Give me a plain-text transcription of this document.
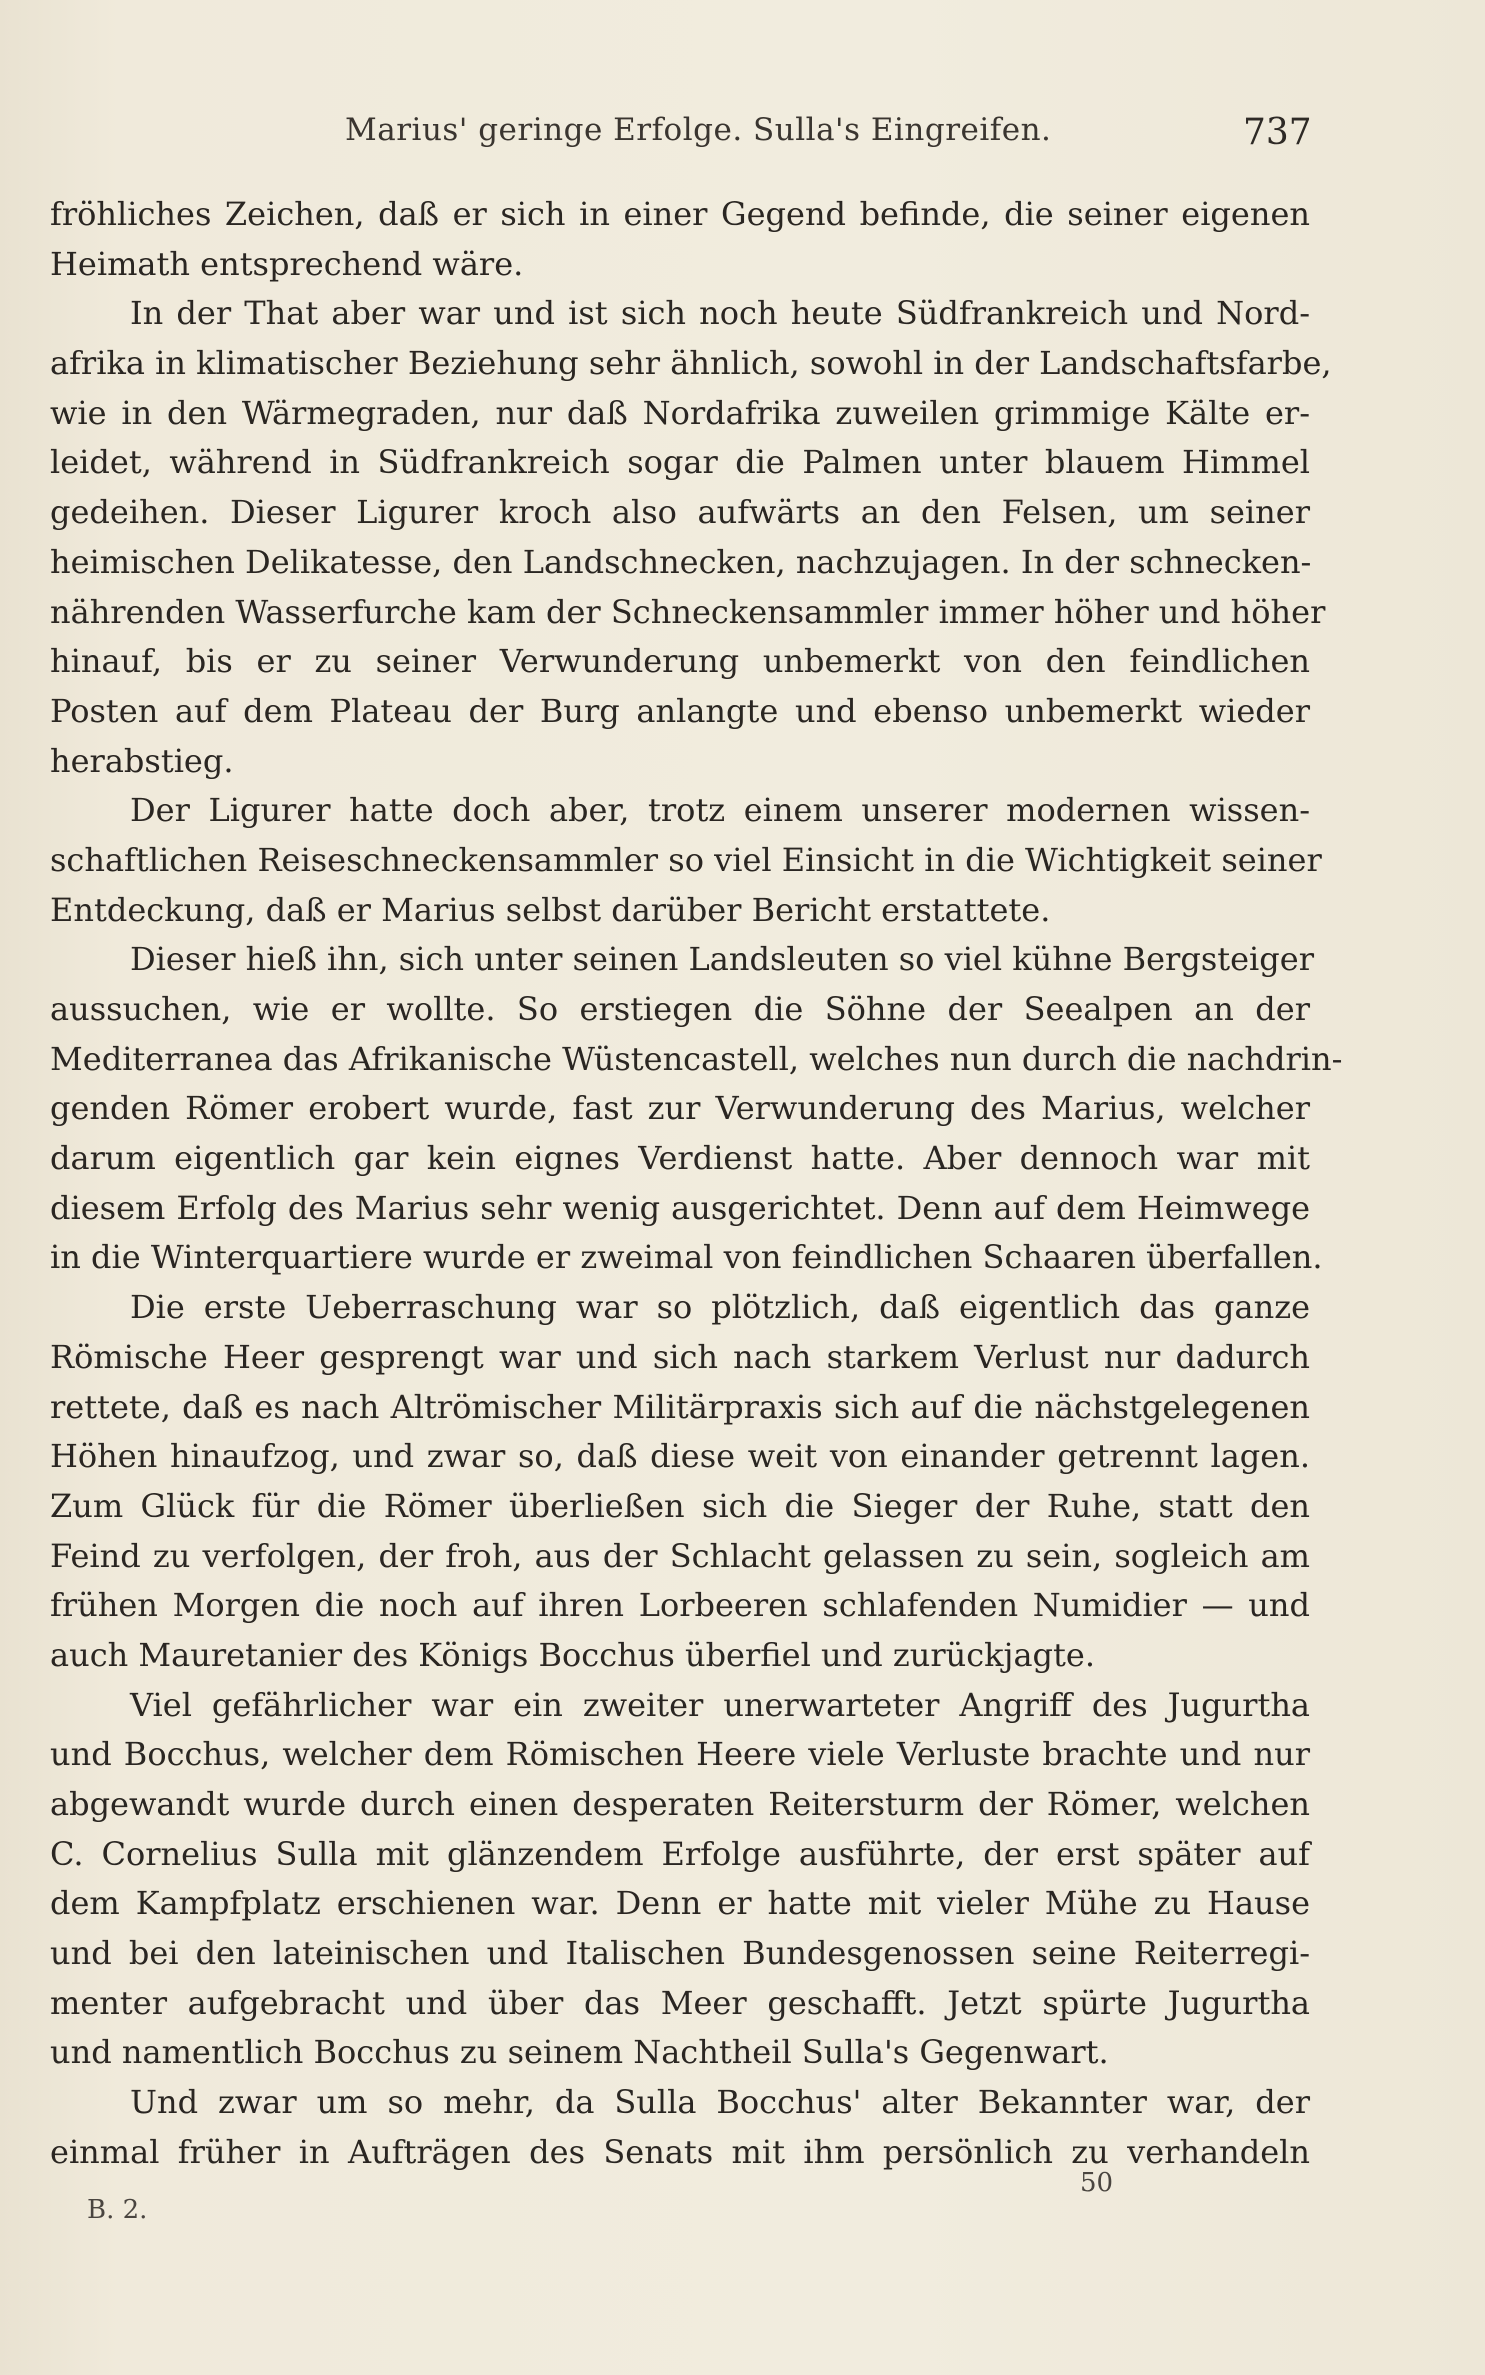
Marius' geringe Erfolge. Sulla's Eingreifen.	737
fröhliches Zeichen, daß er sich in einer Gegend befinde, die seiner eigenen
Heimath entsprechend wäre.
In der That aber war und ist sich noch heute Südfrankreich und Nord-
afrika in klimatischer Beziehung sehr ähnlich, sowohl in der Landschaftsfarbe,
wie in den Wärmegraden, nur daß Nordafrika zuweilen grimmige Kälte er-
leidet, während in Südfrankreich sogar die Palmen unter blauem Himmel
gedeihen. Dieser Ligurer kroch also aufwärts an den Felsen, um seiner
heimischen Delikatesse, den Landschnecken, nachzujagen. In der schnecken-
nährenden Wasserfurche kam der Schneckensammler immer höher und höher
hinauf, bis er zu seiner Verwunderung unbemerkt von den feindlichen
Posten auf dem Plateau der Burg anlangte und ebenso unbemerkt wieder
herabstieg.
Der Ligurer hatte doch aber, trotz einem unserer modernen wissen-
schaftlichen Reiseschneckensammler so viel Einsicht in die Wichtigkeit seiner
Entdeckung, daß er Marius selbst darüber Bericht erstattete.
Dieser hieß ihn, sich unter seinen Landsleuten so viel kühne Bergsteiger
aussuchen, wie er wollte. So erstiegen die Söhne der Seealpen an der
Mediterranea das Afrikanische Wüstencastell, welches nun durch die nachdrin-
genden Römer erobert wurde, fast zur Verwunderung des Marius, welcher
darum eigentlich gar kein eignes Verdienst hatte. Aber dennoch war mit
diesem Erfolg des Marius sehr wenig ausgerichtet. Denn auf dem Heimwege
in die Winterquartiere wurde er zweimal von feindlichen Schaaren überfallen.
Die erste Ueberraschung war so plötzlich, daß eigentlich das ganze
Römische Heer gesprengt war und sich nach starkem Verlust nur dadurch
rettete, daß es nach Altrömischer Militärpraxis sich auf die nächstgelegenen
Höhen hinaufzog, und zwar so, daß diese weit von einander getrennt lagen.
Zum Glück für die Römer überließen sich die Sieger der Ruhe, statt den
Feind zu verfolgen, der froh, aus der Schlacht gelassen zu sein, sogleich am
frühen Morgen die noch auf ihren Lorbeeren schlafenden Numidier — und
auch Mauretanier des Königs Bocchus überfiel und zurückjagte.
Viel gefährlicher war ein zweiter unerwarteter Angriff des Jugurtha
und Bocchus, welcher dem Römischen Heere viele Verluste brachte und nur
abgewandt wurde durch einen desperaten Reitersturm der Römer, welchen
C. Cornelius Sulla mit glänzendem Erfolge ausführte, der erst später auf
dem Kampfplatz erschienen war. Denn er hatte mit vieler Mühe zu Hause
und bei den lateinischen und Italischen Bundesgenossen seine Reiterregi-
menter aufgebracht und über das Meer geschafft. Jetzt spürte Jugurtha
und namentlich Bocchus zu seinem Nachtheil Sulla's Gegenwart.
Und zwar um so mehr, da Sulla Bocchus' alter Bekannter war, der
einmal früher in Aufträgen des Senats mit ihm persönlich zu verhandeln
50
B. 2.
